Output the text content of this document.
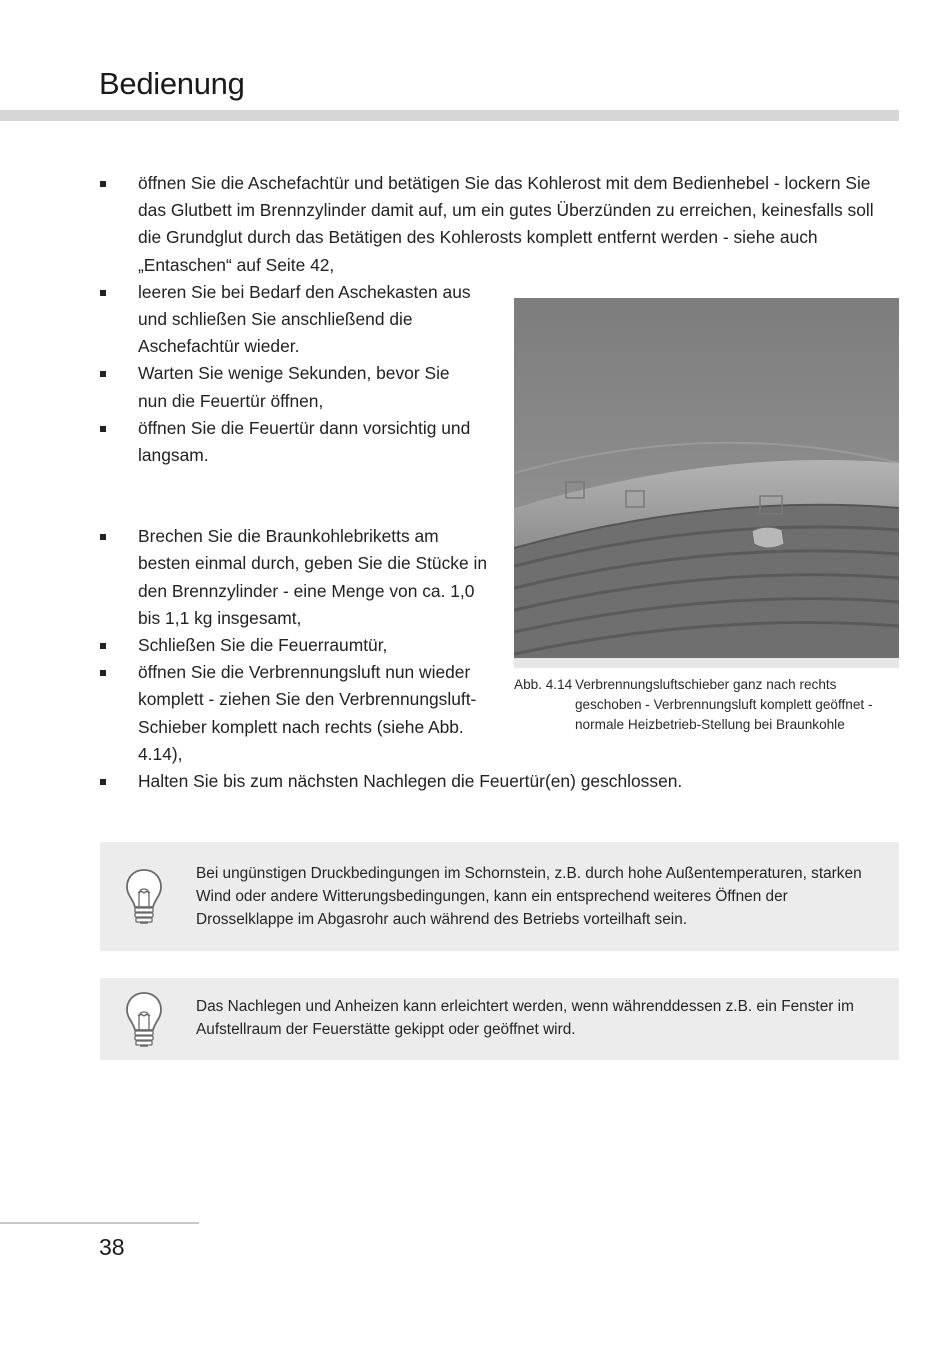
Bedienung
öffnen Sie die Aschefachtür und betätigen Sie das Kohlerost mit dem Bedienhebel - lockern Sie das Glutbett im Brennzylinder damit auf, um ein gutes Überzünden zu erreichen, keinesfalls soll die Grundglut durch das Betätigen des Kohlerosts komplett entfernt werden - siehe auch „Entaschen“ auf Seite 42,
leeren Sie bei Bedarf den Aschekasten aus und schließen Sie anschließend die Aschefachtür wieder.
Warten Sie wenige Sekunden, bevor Sie nun die Feuertür öffnen,
öffnen Sie die Feuertür dann vorsichtig und langsam.
Brechen Sie die Braunkohlebriketts am besten einmal durch, geben Sie die Stücke in den Brennzylinder - eine Menge von ca. 1,0 bis 1,1 kg insgesamt,
Schließen Sie die Feuerraumtür,
öffnen Sie die Verbrennungsluft nun wieder komplett - ziehen Sie den Verbrennungsluft-Schieber komplett nach rechts (siehe Abb. 4.14),
Halten Sie bis zum nächsten Nachlegen die Feuertür(en) geschlossen.
Abb. 4.14 Verbrennungsluftschieber ganz nach rechts geschoben - Verbrennungsluft komplett geöffnet - normale Heizbetrieb-Stellung bei Braunkohle

Bei ungünstigen Druckbedingungen im Schornstein, z.B. durch hohe Außentemperaturen, starken Wind oder andere Witterungsbedingungen, kann ein entsprechend weiteres Öffnen der Drosselklappe im Abgasrohr auch während des Betriebs vorteilhaft sein.

Das Nachlegen und Anheizen kann erleichtert werden, wenn währenddessen z.B. ein Fenster im Aufstellraum der Feuerstätte gekippt oder geöffnet wird.

38
